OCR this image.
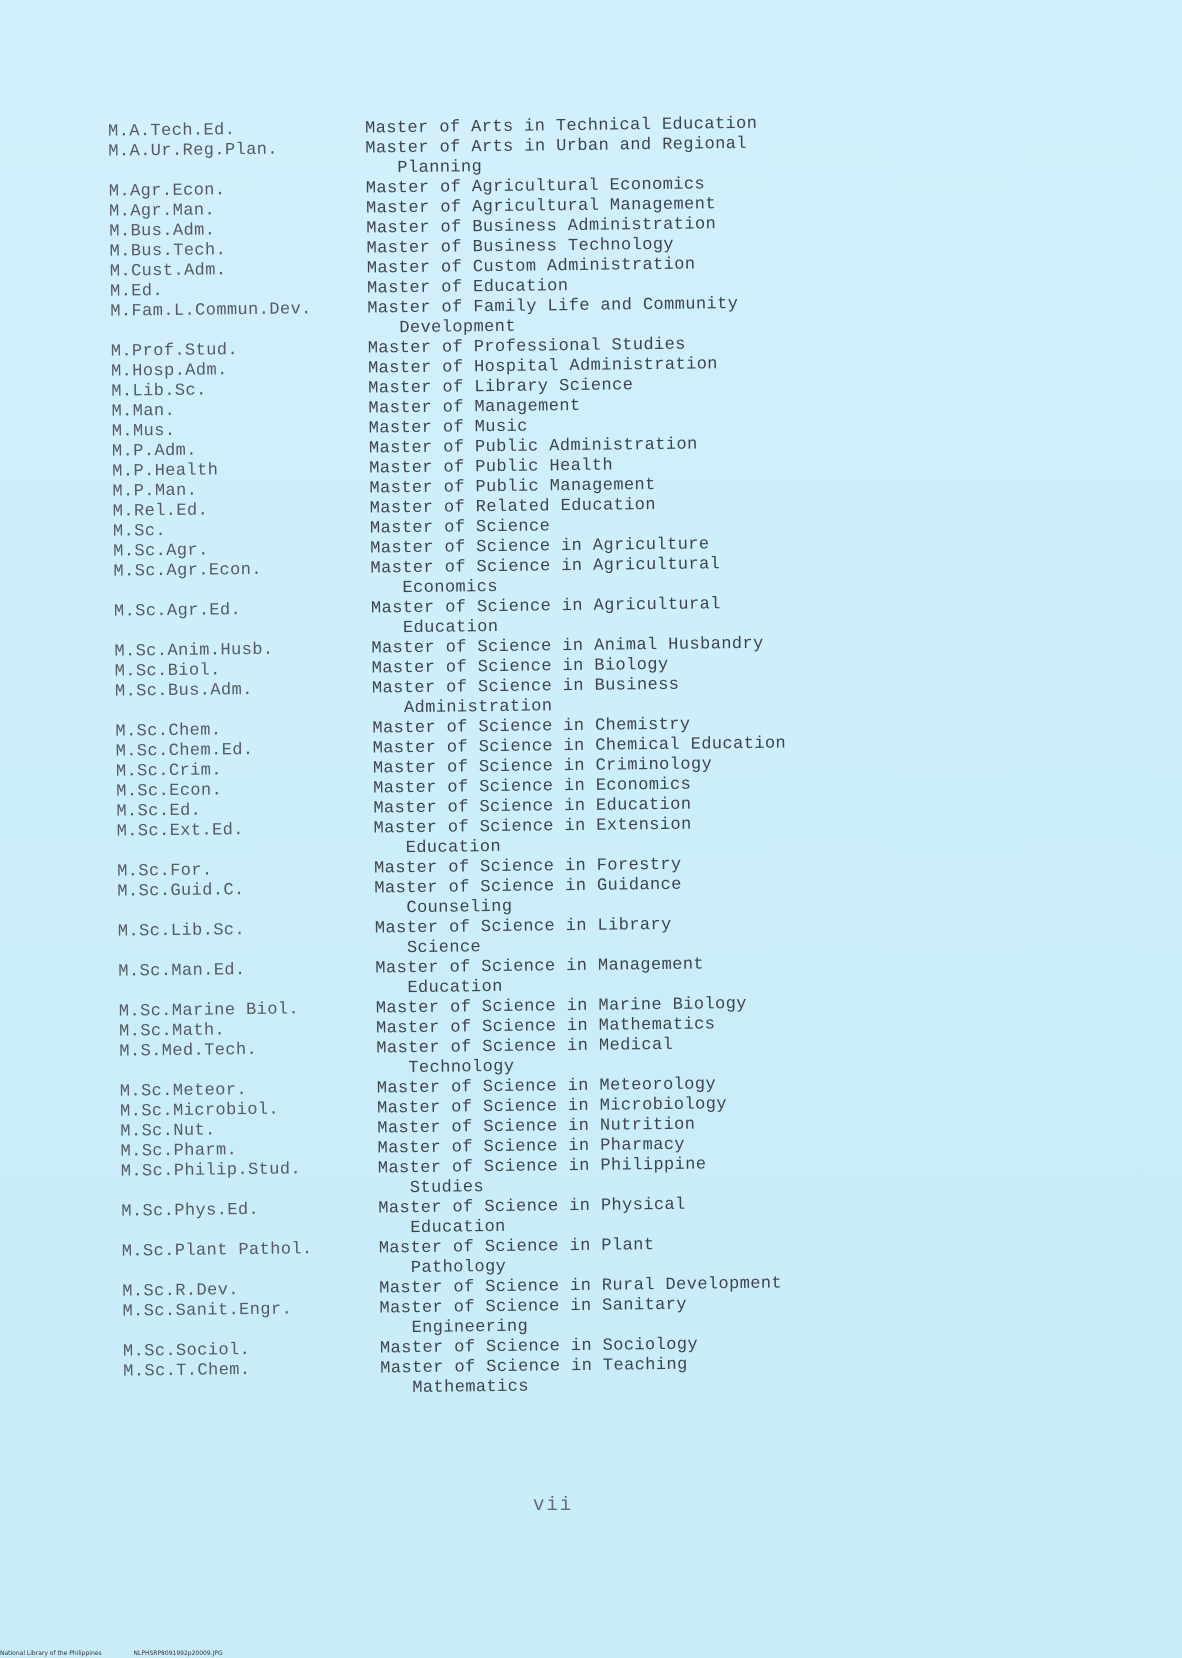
M.A.Tech.Ed.	Master of Arts in Technical Education
M.A.Ur.Reg.Plan.	Master of Arts in Urban and Regional
Planning
M.Agr.Econ.	Master of Agricultural Economics
M.Agr.Man.	Master of Agricultural Management
M.Bus.Adm.	Master of Business Administration
M.Bus.Tech.	Master of Business Technology
M.Cust.Adm.	Master of Custom Administration
M.Ed.	Master of Education
M.Fam.L.Commun.Dev.	Master of Family Life and Community
Development
M.Prof.Stud.	Master of Professional Studies
M.Hosp.Adm.	Master of Hospital Administration
M.Lib.Sc.	Master of Library Science
M.Man.	Master of Management
M.Mus.	Master of Music
M.P.Adm.	Master of Public Administration
M.P.Health	Master of Public Health
M.P.Man.	Master of Public Management
M.Rel.Ed.	Master of Related Education
M.Sc.	Master of Science
M.Sc.Agr.	Master of Science in Agriculture
M.Sc.Agr.Econ.	Master of Science in Agricultural
Economics
M.Sc.Agr.Ed.	Master of Science in Agricultural
Education
M.Sc.Anim.Husb.	Master of Science in Animal Husbandry
M.Sc.Biol.	Master of Science in Biology
M.Sc.Bus.Adm.	Master of Science in Business
Administration
M.Sc.Chem.	Master of Science in Chemistry
M.Sc.Chem.Ed.	Master of Science in Chemical Education
M.Sc.Crim.	Master of Science in Criminology
M.Sc.Econ.	Master of Science in Economics
M.Sc.Ed.	Master of Science in Education
M.Sc.Ext.Ed.	Master of Science in Extension
Education
M.Sc.For.	Master of Science in Forestry
M.Sc.Guid.C.	Master of Science in Guidance
Counseling
M.Sc.Lib.Sc.	Master of Science in Library
Science
M.Sc.Man.Ed.	Master of Science in Management
Education
M.Sc.Marine Biol.	Master of Science in Marine Biology
M.Sc.Math.	Master of Science in Mathematics
M.S.Med.Tech.	Master of Science in Medical
Technology
M.Sc.Meteor.	Master of Science in Meteorology
M.Sc.Microbiol.	Master of Science in Microbiology
M.Sc.Nut.	Master of Science in Nutrition
M.Sc.Pharm.	Master of Science in Pharmacy
M.Sc.Philip.Stud.	Master of Science in Philippine
Studies
M.Sc.Phys.Ed.	Master of Science in Physical
Education
M.Sc.Plant Pathol.	Master of Science in Plant
Pathology
M.Sc.R.Dev.	Master of Science in Rural Development
M.Sc.Sanit.Engr.	Master of Science in Sanitary
Engineering
M.Sc.Sociol.	Master of Science in Sociology
M.Sc.T.Chem.	Master of Science in Teaching
Mathematics
vii
National Library of the Philippines	NLPHSRP8091992p20009.JPG
